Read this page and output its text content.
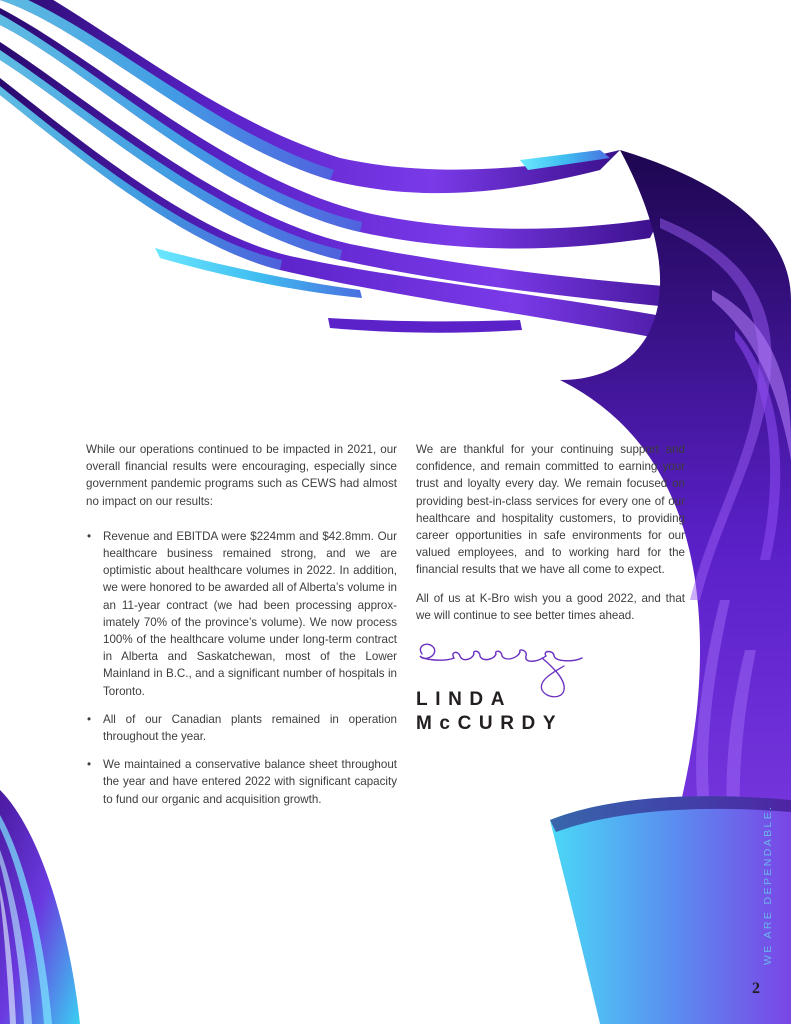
While our operations continued to be impacted in 2021, our overall financial results were encouraging, especially since government pandemic programs such as CEWS had almost no impact on our results:

• Revenue and EBITDA were $224mm and $42.8mm. Our healthcare business remained strong, and we are optimistic about healthcare volumes in 2022. In addition, we were honored to be awarded all of Alberta’s volume in an 11-year contract (we had been processing approximately 70% of the province’s volume). We now process 100% of the healthcare volume under long-term contract in Alberta and Saskatchewan, most of the Lower Mainland in B.C., and a significant number of hospitals in Toronto.
• All of our Canadian plants remained in operation throughout the year.
• We maintained a conservative balance sheet throughout the year and have entered 2022 with significant capacity to fund our organic and acquisition growth.

We are thankful for your continuing support and confidence, and remain committed to earning your trust and loyalty every day. We remain focused on providing best-in-class services for every one of our healthcare and hospitality customers, to providing career opportunities in safe environments for our valued employees, and to working hard for the financial results that we have all come to expect.

All of us at K-Bro wish you a good 2022, and that we will continue to see better times ahead.

LINDA
McCURDY
WE ARE DEPENDABLE.
2
